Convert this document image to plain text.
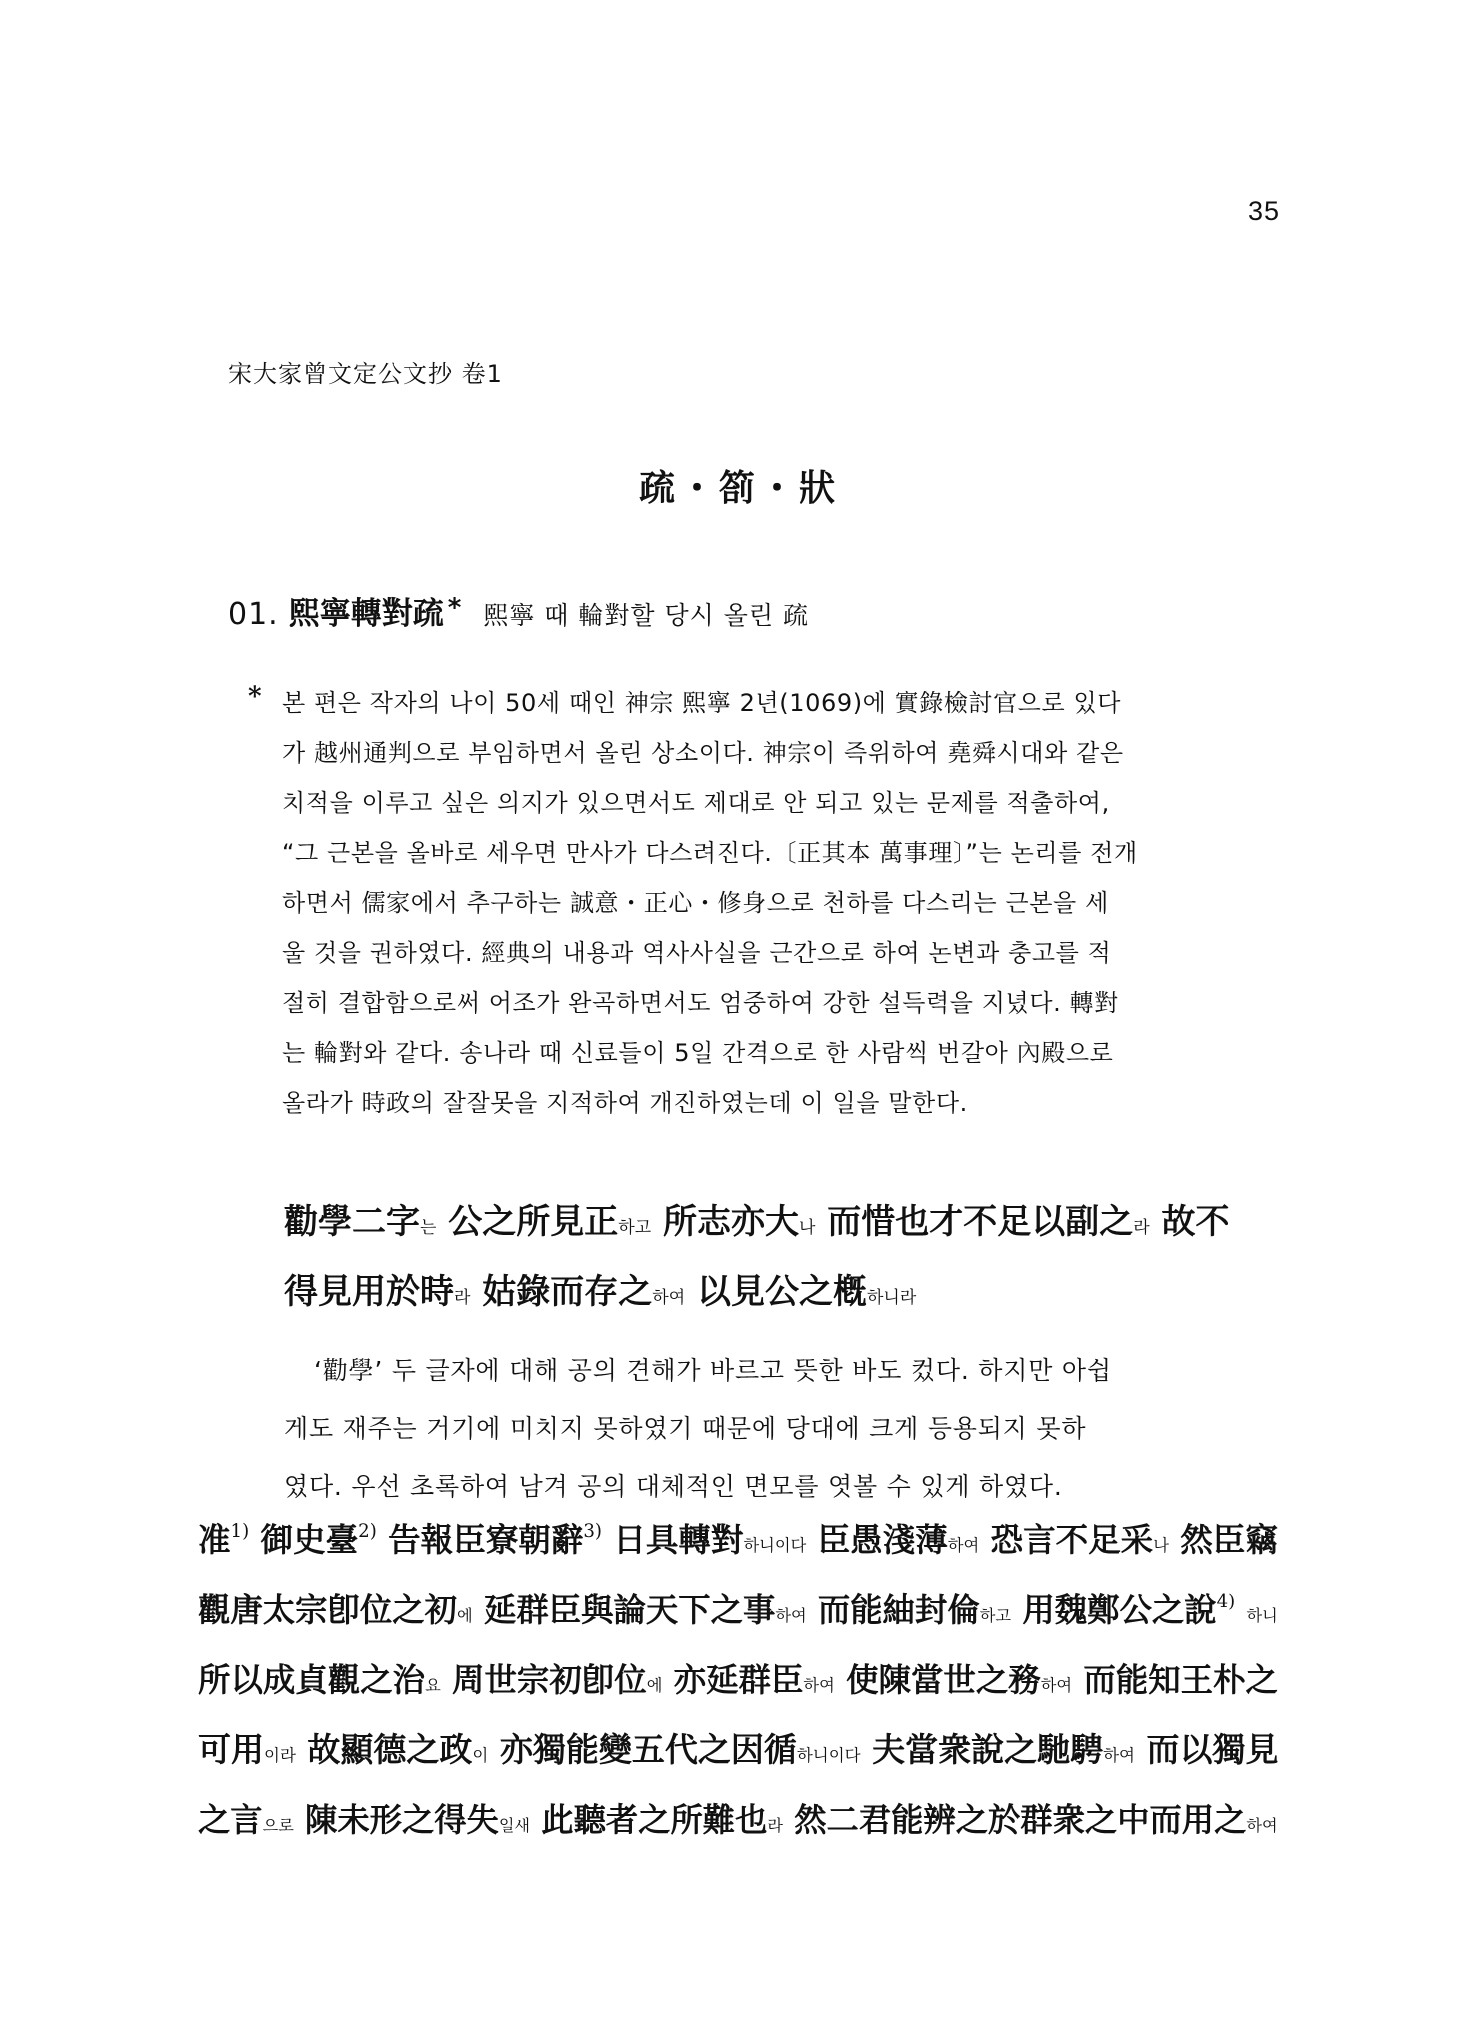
35
宋大家曾文定公文抄 卷1
疏・箚・狀
01. 熙寧轉對疏 * 熙寧 때 輪對할 당시 올린 疏
* 본 편은 작자의 나이 50세 때인 神宗 熙寧 2년(1069)에 實錄檢討官으로 있다
가 越州通判으로 부임하면서 올린 상소이다. 神宗이 즉위하여 堯舜시대와 같은
치적을 이루고 싶은 의지가 있으면서도 제대로 안 되고 있는 문제를 적출하여,
“그 근본을 올바로 세우면 만사가 다스려진다.〔正其本 萬事理〕”는 논리를 전개
하면서 儒家에서 추구하는 誠意・正心・修身으로 천하를 다스리는 근본을 세
울 것을 권하였다. 經典의 내용과 역사사실을 근간으로 하여 논변과 충고를 적
절히 결합함으로써 어조가 완곡하면서도 엄중하여 강한 설득력을 지녔다. 轉對
는 輪對와 같다. 송나라 때 신료들이 5일 간격으로 한 사람씩 번갈아 內殿으로
올라가 時政의 잘잘못을 지적하여 개진하였는데 이 일을 말한다.
勸學二字는 公之所見正하고 所志亦大나 而惜也才不足以副之라 故不
得見用於時라 姑錄而存之하여 以見公之槪하니라
‘勸學’ 두 글자에 대해 공의 견해가 바르고 뜻한 바도 컸다. 하지만 아쉽
게도 재주는 거기에 미치지 못하였기 때문에 당대에 크게 등용되지 못하
였다. 우선 초록하여 남겨 공의 대체적인 면모를 엿볼 수 있게 하였다.
准$^{1)}$ 御史臺$^{2)}$ 告報臣寮朝辭$^{3)}$ 日具轉對하니이다 臣愚淺薄하여 恐言不足采나 然臣竊
觀唐太宗卽位之初에 延群臣與論天下之事하여 而能紬封倫하고 用魏鄭公之說$^{4)}$ 하니
所以成貞觀之治요 周世宗初卽位에 亦延群臣하여 使陳當世之務하여 而能知王朴之
可用이라 故顯德之政이 亦獨能變五代之因循하니이다 夫當衆說之馳騁하여 而以獨見
之言으로 陳未形之得失일새 此聽者之所難也라 然二君能辨之於群衆之中而用之하여
